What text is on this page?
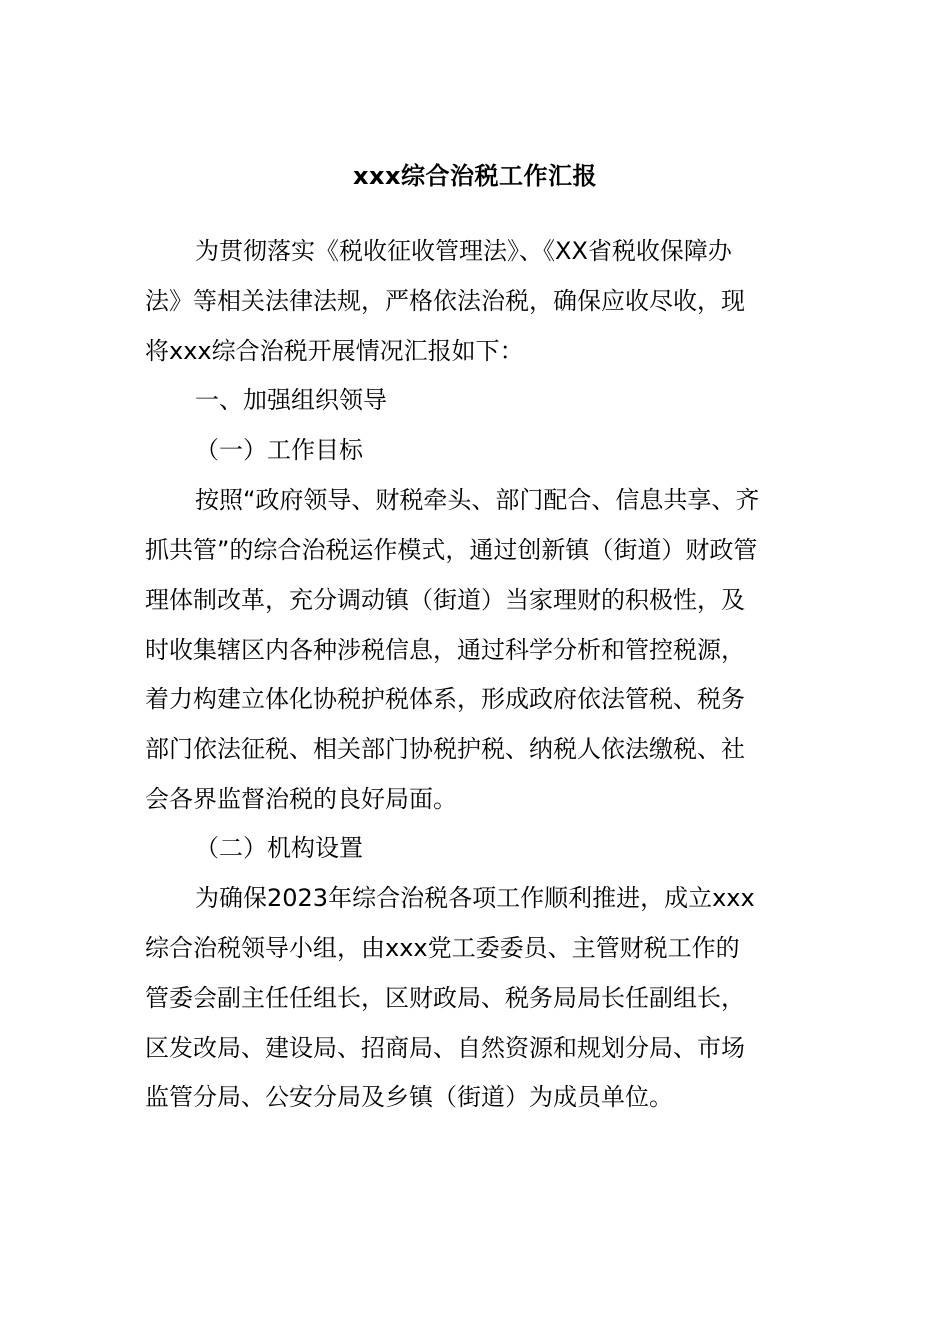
xxx综合治税工作汇报
为贯彻落实《税收征收管理法》、《XX省税收保障办
法》等相关法律法规，严格依法治税，确保应收尽收，现
将xxx综合治税开展情况汇报如下：
一、加强组织领导
（一）工作目标
按照“政府领导、财税牵头、部门配合、信息共享、齐
抓共管”的综合治税运作模式，通过创新镇（街道）财政管
理体制改革，充分调动镇（街道）当家理财的积极性，及
时收集辖区内各种涉税信息，通过科学分析和管控税源，
着力构建立体化协税护税体系，形成政府依法管税、税务
部门依法征税、相关部门协税护税、纳税人依法缴税、社
会各界监督治税的良好局面。
（二）机构设置
为确保2023年综合治税各项工作顺利推进，成立xxx
综合治税领导小组，由xxx党工委委员、主管财税工作的
管委会副主任任组长，区财政局、税务局局长任副组长，
区发改局、建设局、招商局、自然资源和规划分局、市场
监管分局、公安分局及乡镇（街道）为成员单位。
